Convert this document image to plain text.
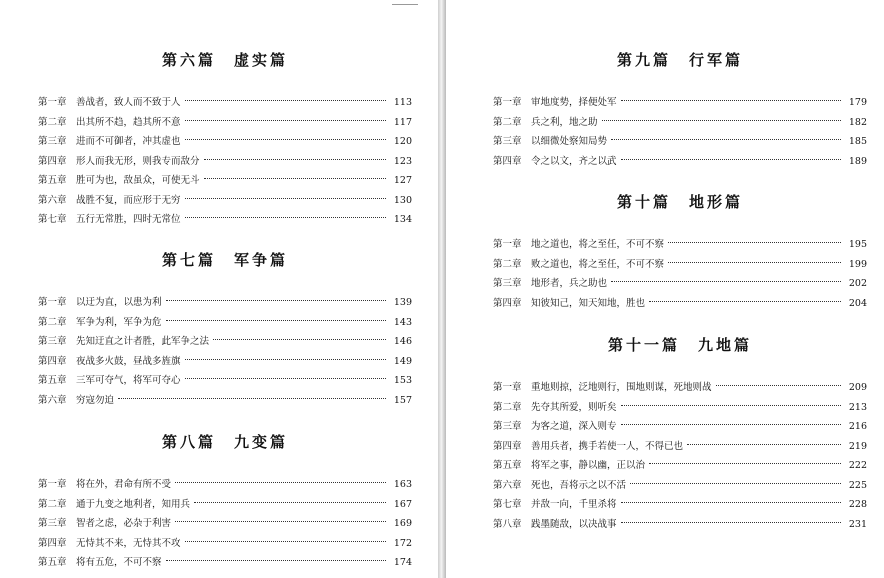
第六篇　虚实篇
第一章 善战者，致人而不致于人	113
第二章 出其所不趋，趋其所不意	117
第三章 进而不可御者，冲其虚也	120
第四章 形人而我无形，则我专而敌分	123
第五章 胜可为也，敌虽众，可使无斗	127
第六章 战胜不复，而应形于无穷	130
第七章 五行无常胜，四时无常位	134
第七篇　军争篇
第一章 以迂为直，以患为利	139
第二章 军争为利，军争为危	143
第三章 先知迂直之计者胜，此军争之法	146
第四章 夜战多火鼓，昼战多旌旗	149
第五章 三军可夺气，将军可夺心	153
第六章 穷寇勿迫	157
第八篇　九变篇
第一章 将在外，君命有所不受	163
第二章 通于九变之地利者，知用兵	167
第三章 智者之虑，必杂于利害	169
第四章 无恃其不来，无恃其不攻	172
第五章 将有五危，不可不察	174
第九篇　行军篇
第一章 审地度势，择便处军	179
第二章 兵之利，地之助	182
第三章 以细微处察知局势	185
第四章 令之以文，齐之以武	189
第十篇　地形篇
第一章 地之道也，将之至任，不可不察	195
第二章 败之道也，将之至任，不可不察	199
第三章 地形者，兵之助也	202
第四章 知彼知己，知天知地，胜也	204
第十一篇　九地篇
第一章 重地则掠，泛地则行，围地则谋，死地则战	209
第二章 先夺其所爱，则听矣	213
第三章 为客之道，深入则专	216
第四章 善用兵者，携手若使一人，不得已也	219
第五章 将军之事，静以幽，正以治	222
第六章 死也，吾将示之以不活	225
第七章 并敌一向，千里杀将	228
第八章 践墨随敌，以决战事	231
